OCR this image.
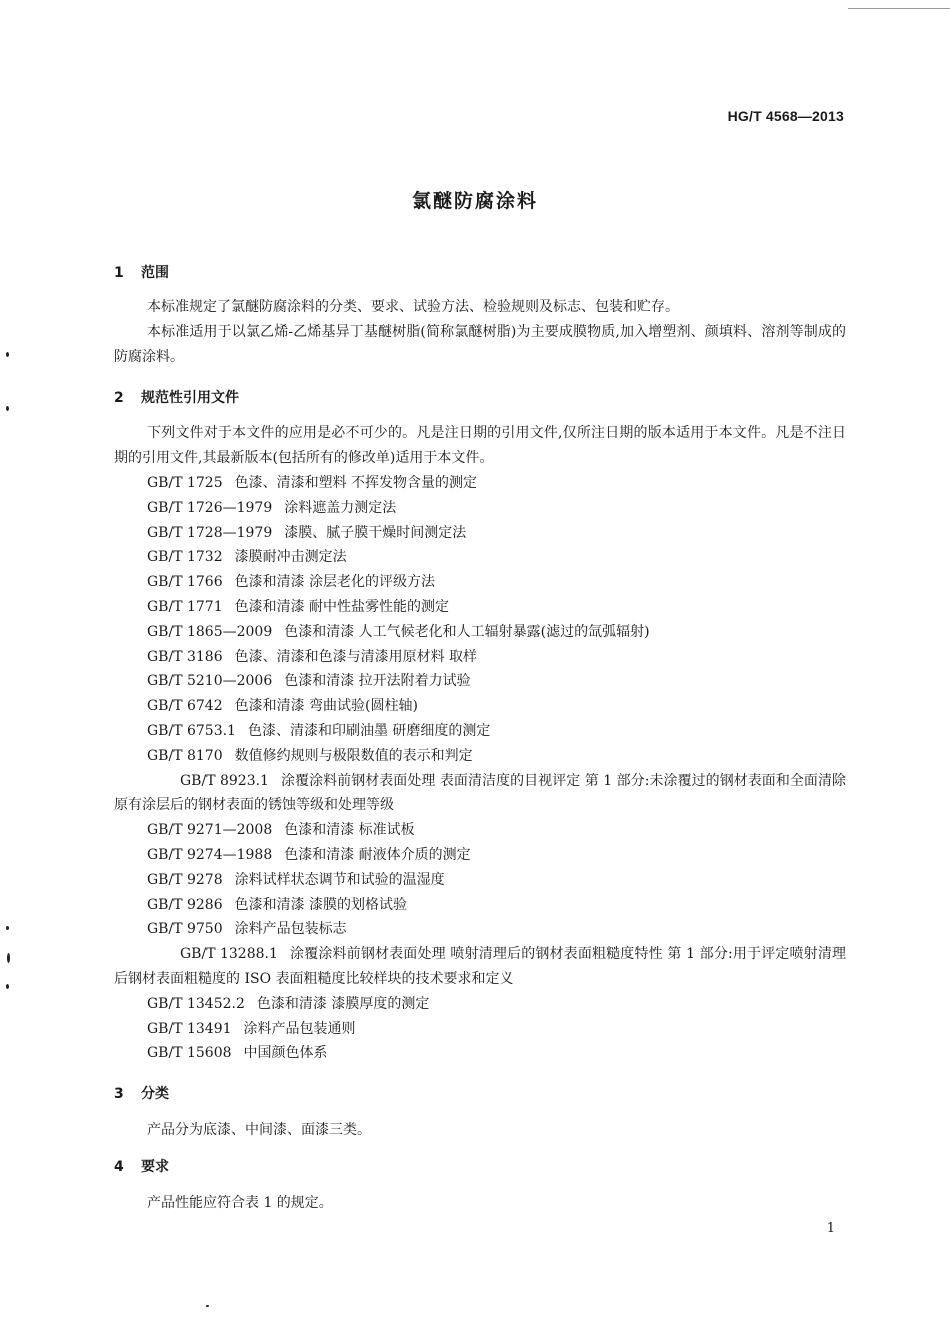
HG/T 4568—2013
氯醚防腐涂料
1 范围
本标准规定了氯醚防腐涂料的分类、要求、试验方法、检验规则及标志、包装和贮存。
本标准适用于以氯乙烯-乙烯基异丁基醚树脂(简称氯醚树脂)为主要成膜物质,加入增塑剂、颜填料、溶剂等制成的防腐涂料。
2 规范性引用文件
下列文件对于本文件的应用是必不可少的。凡是注日期的引用文件,仅所注日期的版本适用于本文件。凡是不注日期的引用文件,其最新版本(包括所有的修改单)适用于本文件。
GB/T 1725 色漆、清漆和塑料 不挥发物含量的测定
GB/T 1726—1979 涂料遮盖力测定法
GB/T 1728—1979 漆膜、腻子膜干燥时间测定法
GB/T 1732 漆膜耐冲击测定法
GB/T 1766 色漆和清漆 涂层老化的评级方法
GB/T 1771 色漆和清漆 耐中性盐雾性能的测定
GB/T 1865—2009 色漆和清漆 人工气候老化和人工辐射暴露(滤过的氙弧辐射)
GB/T 3186 色漆、清漆和色漆与清漆用原材料 取样
GB/T 5210—2006 色漆和清漆 拉开法附着力试验
GB/T 6742 色漆和清漆 弯曲试验(圆柱轴)
GB/T 6753.1 色漆、清漆和印刷油墨 研磨细度的测定
GB/T 8170 数值修约规则与极限数值的表示和判定
GB/T 8923.1 涂覆涂料前钢材表面处理 表面清洁度的目视评定 第 1 部分:未涂覆过的钢材表面和全面清除原有涂层后的钢材表面的锈蚀等级和处理等级
GB/T 9271—2008 色漆和清漆 标准试板
GB/T 9274—1988 色漆和清漆 耐液体介质的测定
GB/T 9278 涂料试样状态调节和试验的温湿度
GB/T 9286 色漆和清漆 漆膜的划格试验
GB/T 9750 涂料产品包装标志
GB/T 13288.1 涂覆涂料前钢材表面处理 喷射清理后的钢材表面粗糙度特性 第 1 部分:用于评定喷射清理后钢材表面粗糙度的 ISO 表面粗糙度比较样块的技术要求和定义
GB/T 13452.2 色漆和清漆 漆膜厚度的测定
GB/T 13491 涂料产品包装通则
GB/T 15608 中国颜色体系
3 分类
产品分为底漆、中间漆、面漆三类。
4 要求
产品性能应符合表 1 的规定。
1
